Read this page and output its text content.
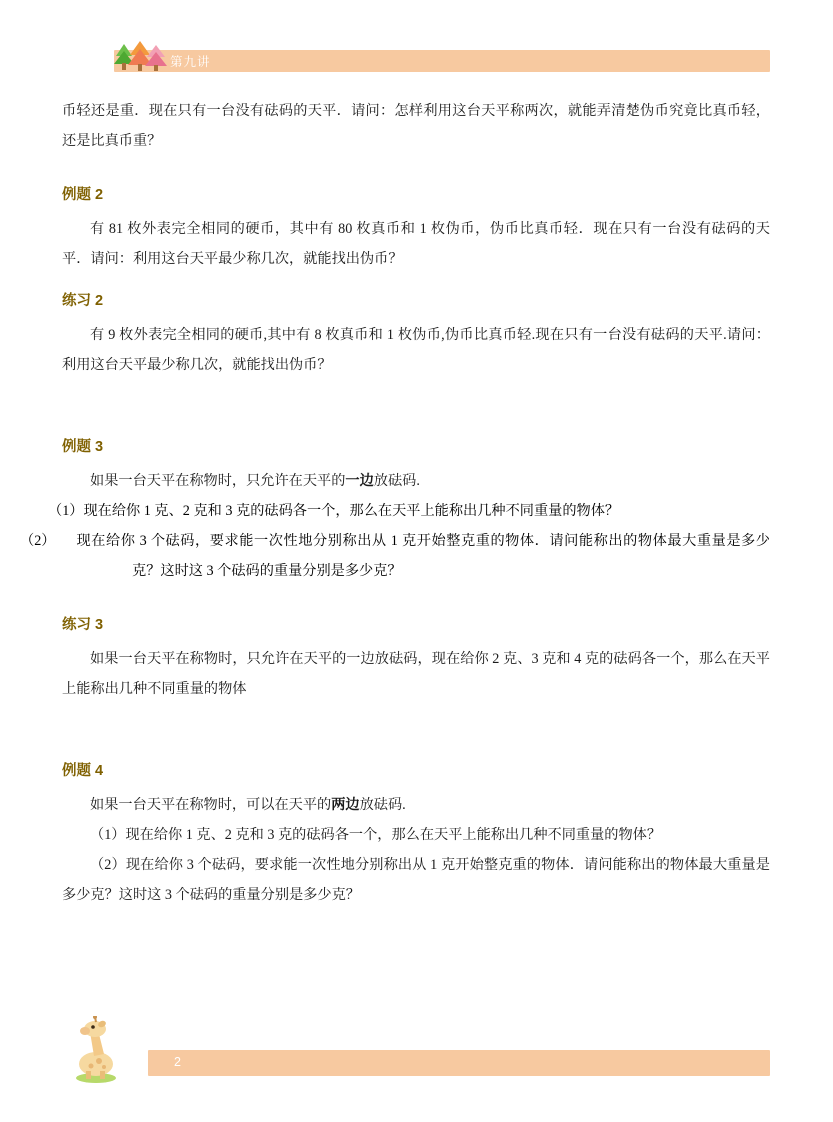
第九讲
币轻还是重．现在只有一台没有砝码的天平．请问：怎样利用这台天平称两次，就能弄清楚伪币究竟比真币轻，还是比真币重？
例题 2
有 81 枚外表完全相同的硬币，其中有 80 枚真币和 1 枚伪币，伪币比真币轻．现在只有一台没有砝码的天平．请问：利用这台天平最少称几次，就能找出伪币？
练习 2
有 9 枚外表完全相同的硬币,其中有 8 枚真币和 1 枚伪币,伪币比真币轻.现在只有一台没有砝码的天平.请问：利用这台天平最少称几次，就能找出伪币？
例题 3
如果一台天平在称物时，只允许在天平的一边放砝码.
（1）现在给你 1 克、2 克和 3 克的砝码各一个，那么在天平上能称出几种不同重量的物体？
（2） 现在给你 3 个砝码，要求能一次性地分别称出从 1 克开始整克重的物体．请问能称出的物体最大重量是多少克？这时这 3 个砝码的重量分别是多少克？
练习 3
如果一台天平在称物时，只允许在天平的一边放砝码，现在给你 2 克、3 克和 4 克的砝码各一个，那么在天平上能称出几种不同重量的物体
例题 4
如果一台天平在称物时，可以在天平的两边放砝码.
（1）现在给你 1 克、2 克和 3 克的砝码各一个，那么在天平上能称出几种不同重量的物体？
（2）现在给你 3 个砝码，要求能一次性地分别称出从 1 克开始整克重的物体．请问能称出的物体最大重量是多少克？这时这 3 个砝码的重量分别是多少克？
2
